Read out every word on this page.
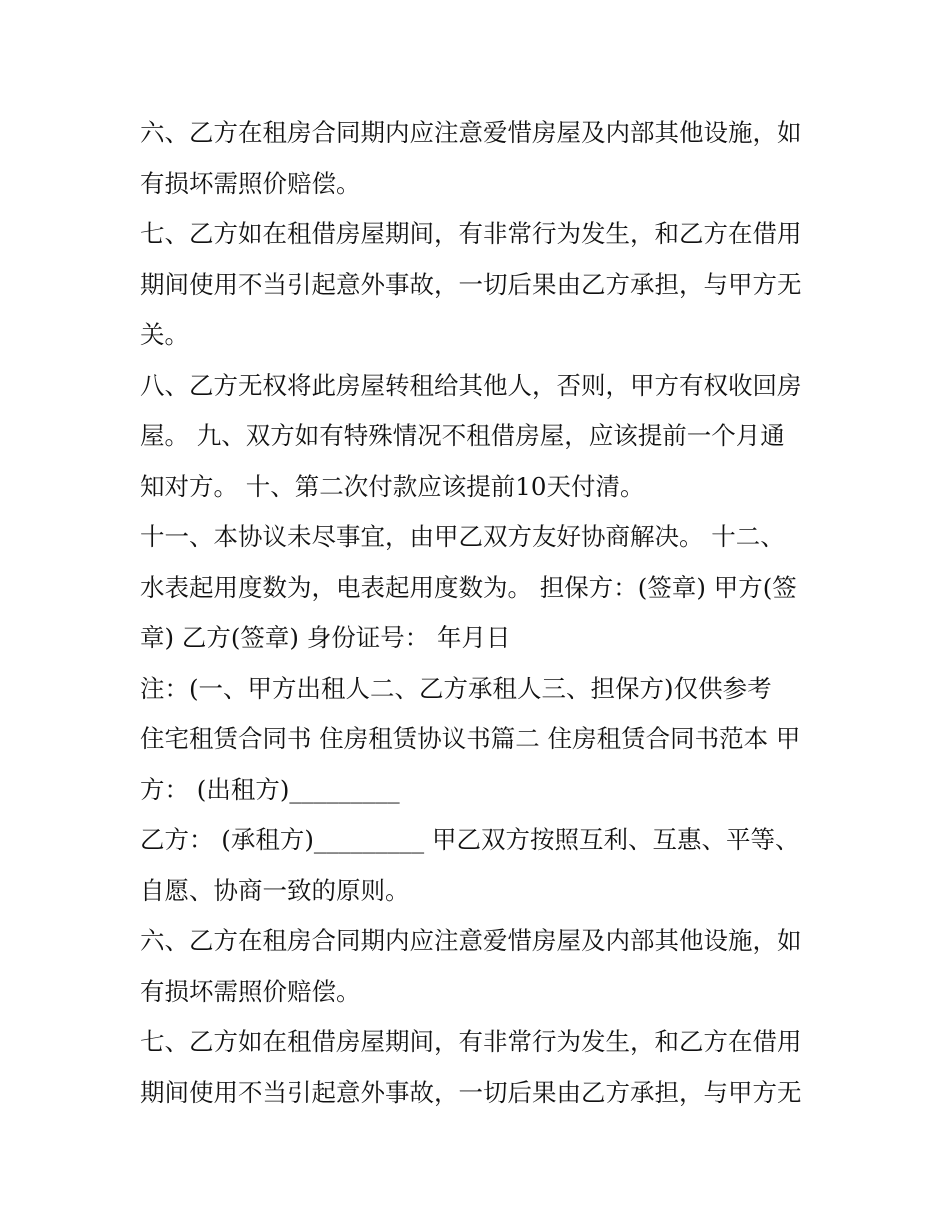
六、乙方在租房合同期内应注意爱惜房屋及内部其他设施，如
有损坏需照价赔偿。
七、乙方如在租借房屋期间，有非常行为发生，和乙方在借用
期间使用不当引起意外事故，一切后果由乙方承担，与甲方无
关。
八、乙方无权将此房屋转租给其他人，否则，甲方有权收回房
屋。 九、双方如有特殊情况不租借房屋，应该提前一个月通
知对方。 十、第二次付款应该提前10天付清。
十一、本协议未尽事宜，由甲乙双方友好协商解决。 十二、
水表起用度数为，电表起用度数为。 担保方：(签章) 甲方(签
章) 乙方(签章) 身份证号： 年月日
注：(一、甲方出租人二、乙方承租人三、担保方)仅供参考
住宅租赁合同书 住房租赁协议书篇二 住房租赁合同书范本 甲
方： (出租方)_________
乙方： (承租方)_________ 甲乙双方按照互利、互惠、平等、
自愿、协商一致的原则。
六、乙方在租房合同期内应注意爱惜房屋及内部其他设施，如
有损坏需照价赔偿。
七、乙方如在租借房屋期间，有非常行为发生，和乙方在借用
期间使用不当引起意外事故，一切后果由乙方承担，与甲方无
